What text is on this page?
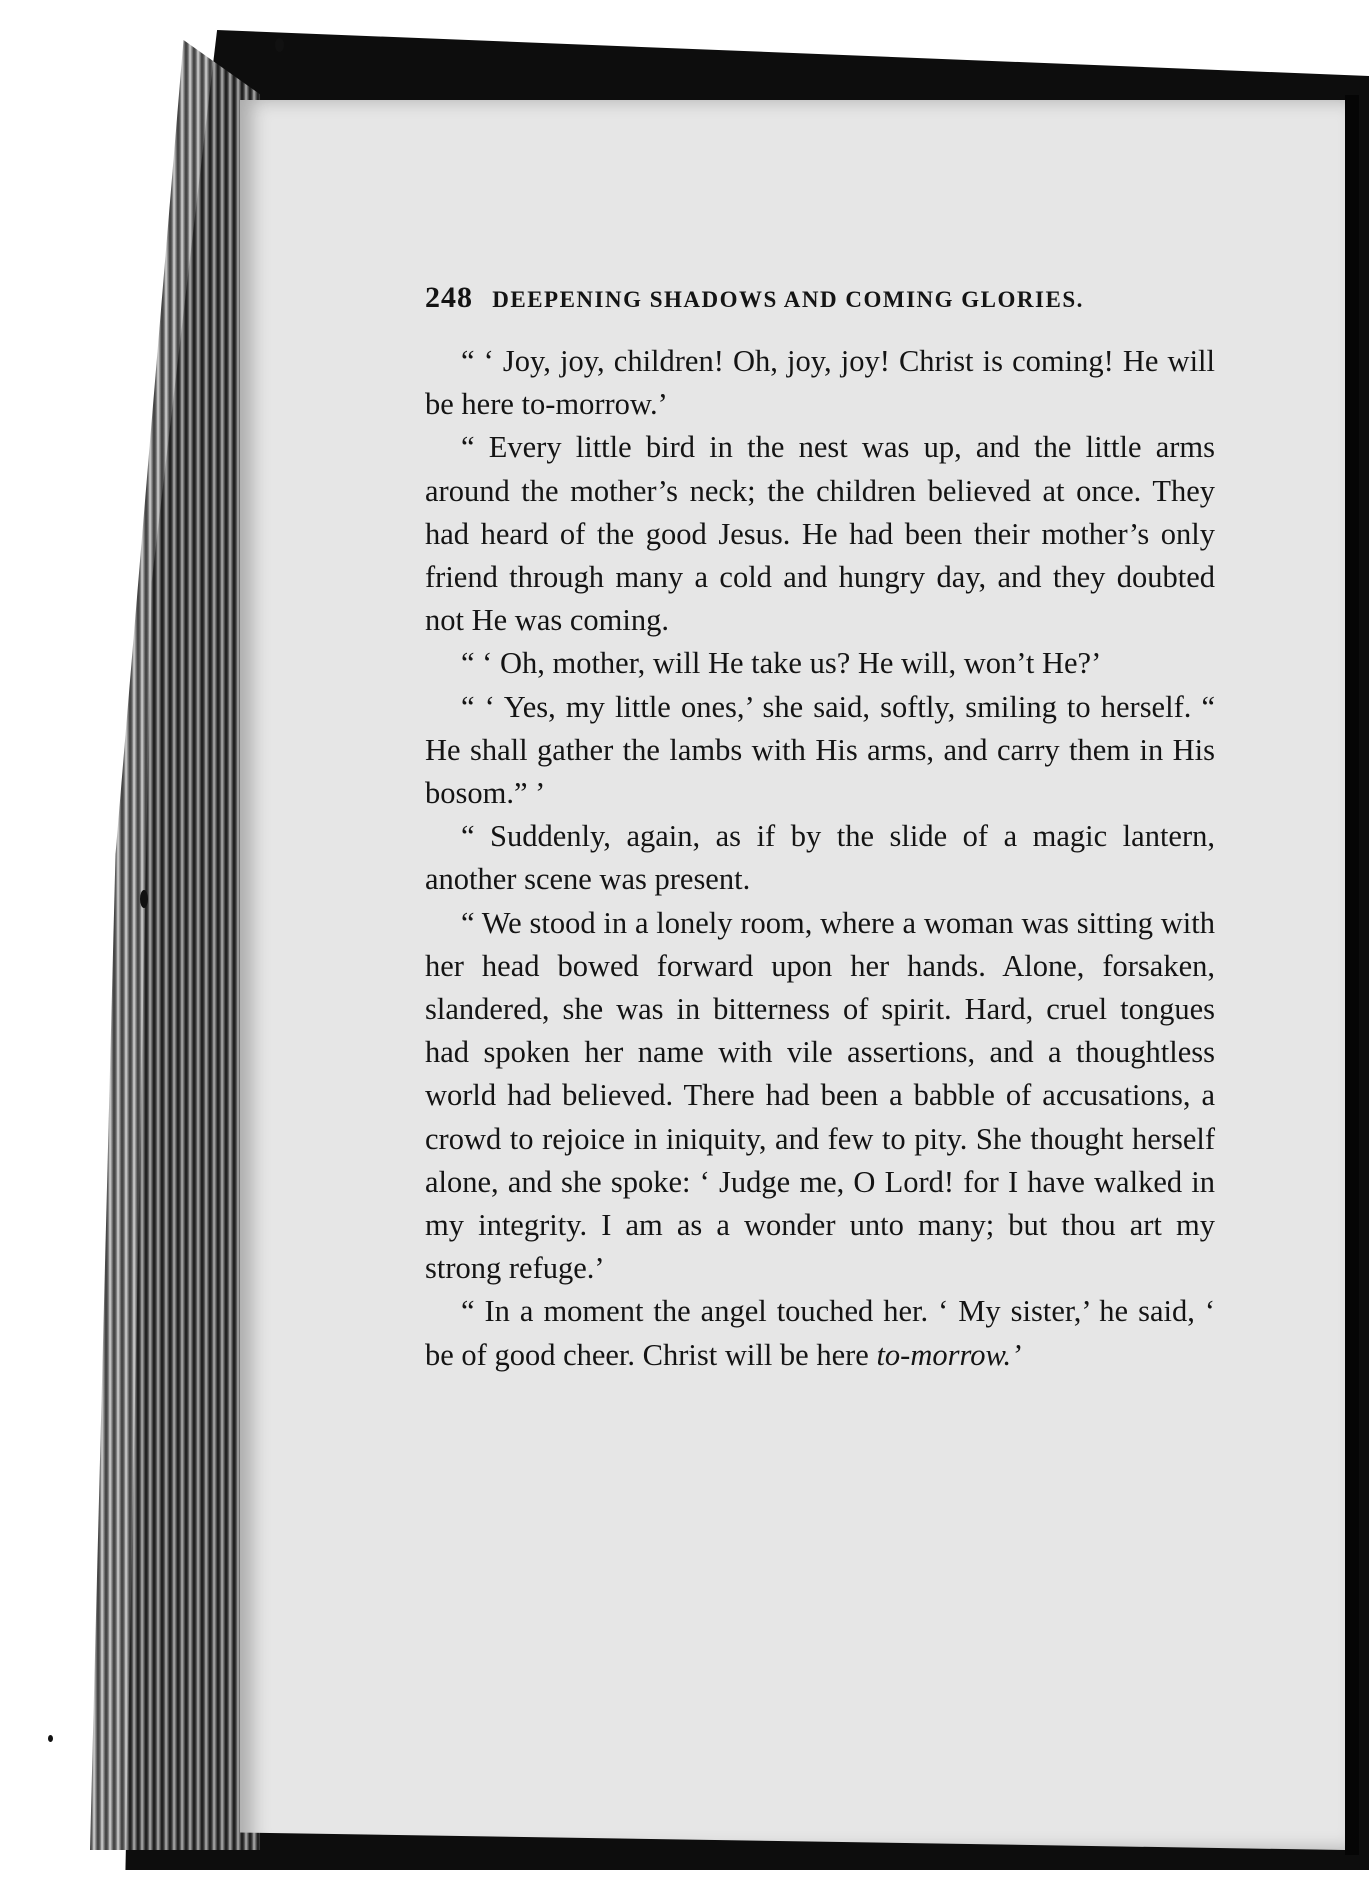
248 DEEPENING SHADOWS AND COMING GLORIES.

“ ‘ Joy, joy, children! Oh, joy, joy! Christ is coming! He will be here to-morrow.’

“ Every little bird in the nest was up, and the little arms around the mother’s neck; the children believed at once. They had heard of the good Jesus. He had been their mother’s only friend through many a cold and hungry day, and they doubted not He was coming.

“ ‘ Oh, mother, will He take us? He will, won’t He?’

“ ‘ Yes, my little ones,’ she said, softly, smiling to herself. “ He shall gather the lambs with His arms, and carry them in His bosom.” ’

“ Suddenly, again, as if by the slide of a magic lantern, another scene was present.

“ We stood in a lonely room, where a woman was sitting with her head bowed forward upon her hands. Alone, forsaken, slandered, she was in bitterness of spirit. Hard, cruel tongues had spoken her name with vile assertions, and a thoughtless world had believed. There had been a babble of accusations, a crowd to rejoice in iniquity, and few to pity. She thought herself alone, and she spoke: ‘ Judge me, O Lord! for I have walked in my integrity. I am as a wonder unto many; but thou art my strong refuge.’

“ In a moment the angel touched her. ‘ My sister,’ he said, ‘ be of good cheer. Christ will be here to-morrow.’
